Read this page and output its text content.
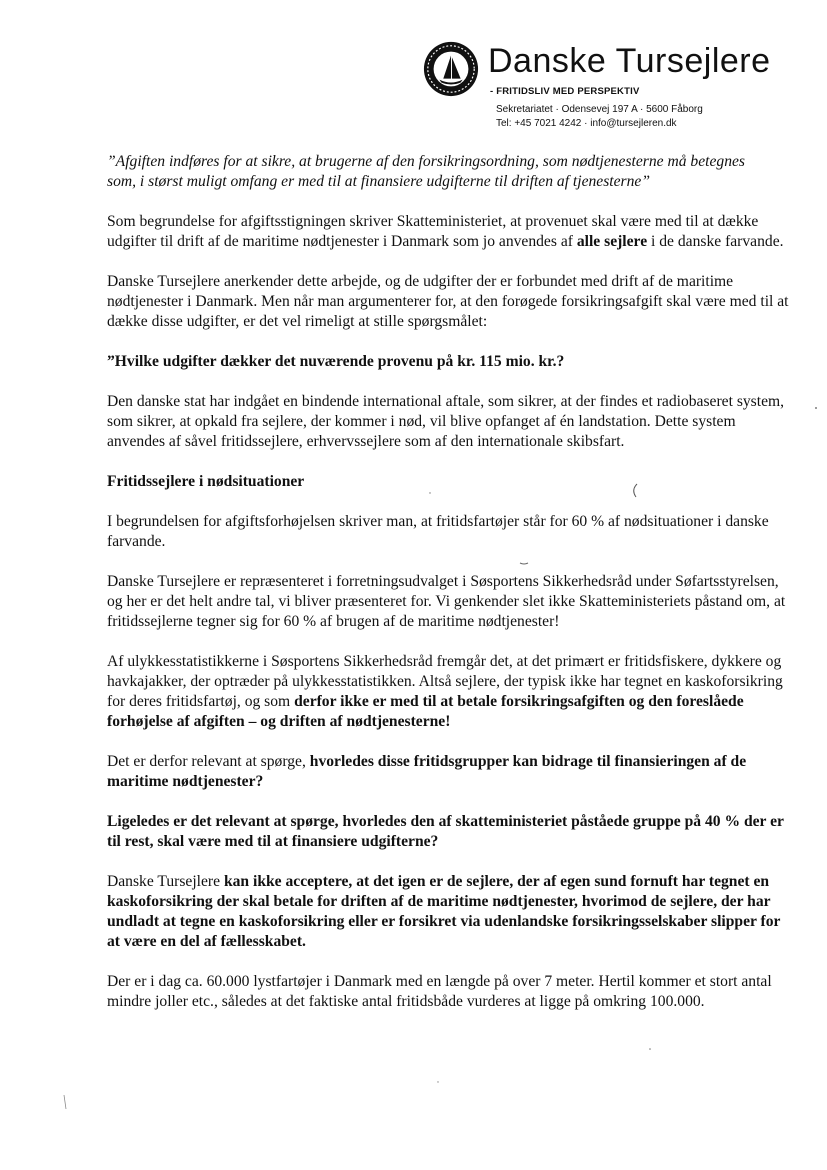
Danske Tursejlere
- FRITIDSLIV MED PERSPEKTIV
Sekretariatet · Odensevej 197 A · 5600 Fåborg
Tel: +45 7021 4242 · info@tursejleren.dk

”Afgiften indføres for at sikre, at brugerne af den forsikringsordning, som nødtjenesterne må betegnes som, i størst muligt omfang er med til at finansiere udgifterne til driften af tjenesterne”

Som begrundelse for afgiftsstigningen skriver Skatteministeriet, at provenuet skal være med til at dække udgifter til drift af de maritime nødtjenester i Danmark som jo anvendes af alle sejlere i de danske farvande.

Danske Tursejlere anerkender dette arbejde, og de udgifter der er forbundet med drift af de maritime nødtjenester i Danmark. Men når man argumenterer for, at den forøgede forsikringsafgift skal være med til at dække disse udgifter, er det vel rimeligt at stille spørgsmålet:

”Hvilke udgifter dækker det nuværende provenu på kr. 115 mio. kr.?

Den danske stat har indgået en bindende international aftale, som sikrer, at der findes et radiobaseret system, som sikrer, at opkald fra sejlere, der kommer i nød, vil blive opfanget af én landstation. Dette system anvendes af såvel fritidssejlere, erhvervssejlere som af den internationale skibsfart.

Fritidssejlere i nødsituationer

I begrundelsen for afgiftsforhøjelsen skriver man, at fritidsfartøjer står for 60 % af nødsituationer i danske farvande.

Danske Tursejlere er repræsenteret i forretningsudvalget i Søsportens Sikkerhedsråd under Søfartsstyrelsen, og her er det helt andre tal, vi bliver præsenteret for. Vi genkender slet ikke Skatteministeriets påstand om, at fritidssejlerne tegner sig for 60 % af brugen af de maritime nødtjenester!

Af ulykkesstatistikkerne i Søsportens Sikkerhedsråd fremgår det, at det primært er fritidsfiskere, dykkere og havkajakker, der optræder på ulykkesstatistikken. Altså sejlere, der typisk ikke har tegnet en kaskoforsikring for deres fritidsfartøj, og som derfor ikke er med til at betale forsikringsafgiften og den foreslåede forhøjelse af afgiften – og driften af nødtjenesterne!

Det er derfor relevant at spørge, hvorledes disse fritidsgrupper kan bidrage til finansieringen af de maritime nødtjenester?

Ligeledes er det relevant at spørge, hvorledes den af skatteministeriet påståede gruppe på 40 % der er til rest, skal være med til at finansiere udgifterne?

Danske Tursejlere kan ikke acceptere, at det igen er de sejlere, der af egen sund fornuft har tegnet en kaskoforsikring der skal betale for driften af de maritime nødtjenester, hvorimod de sejlere, der har undladt at tegne en kaskoforsikring eller er forsikret via udenlandske forsikringsselskaber slipper for at være en del af fællesskabet.

Der er i dag ca. 60.000 lystfartøjer i Danmark med en længde på over 7 meter. Hertil kommer et stort antal mindre joller etc., således at det faktiske antal fritidsbåde vurderes at ligge på omkring 100.000.
